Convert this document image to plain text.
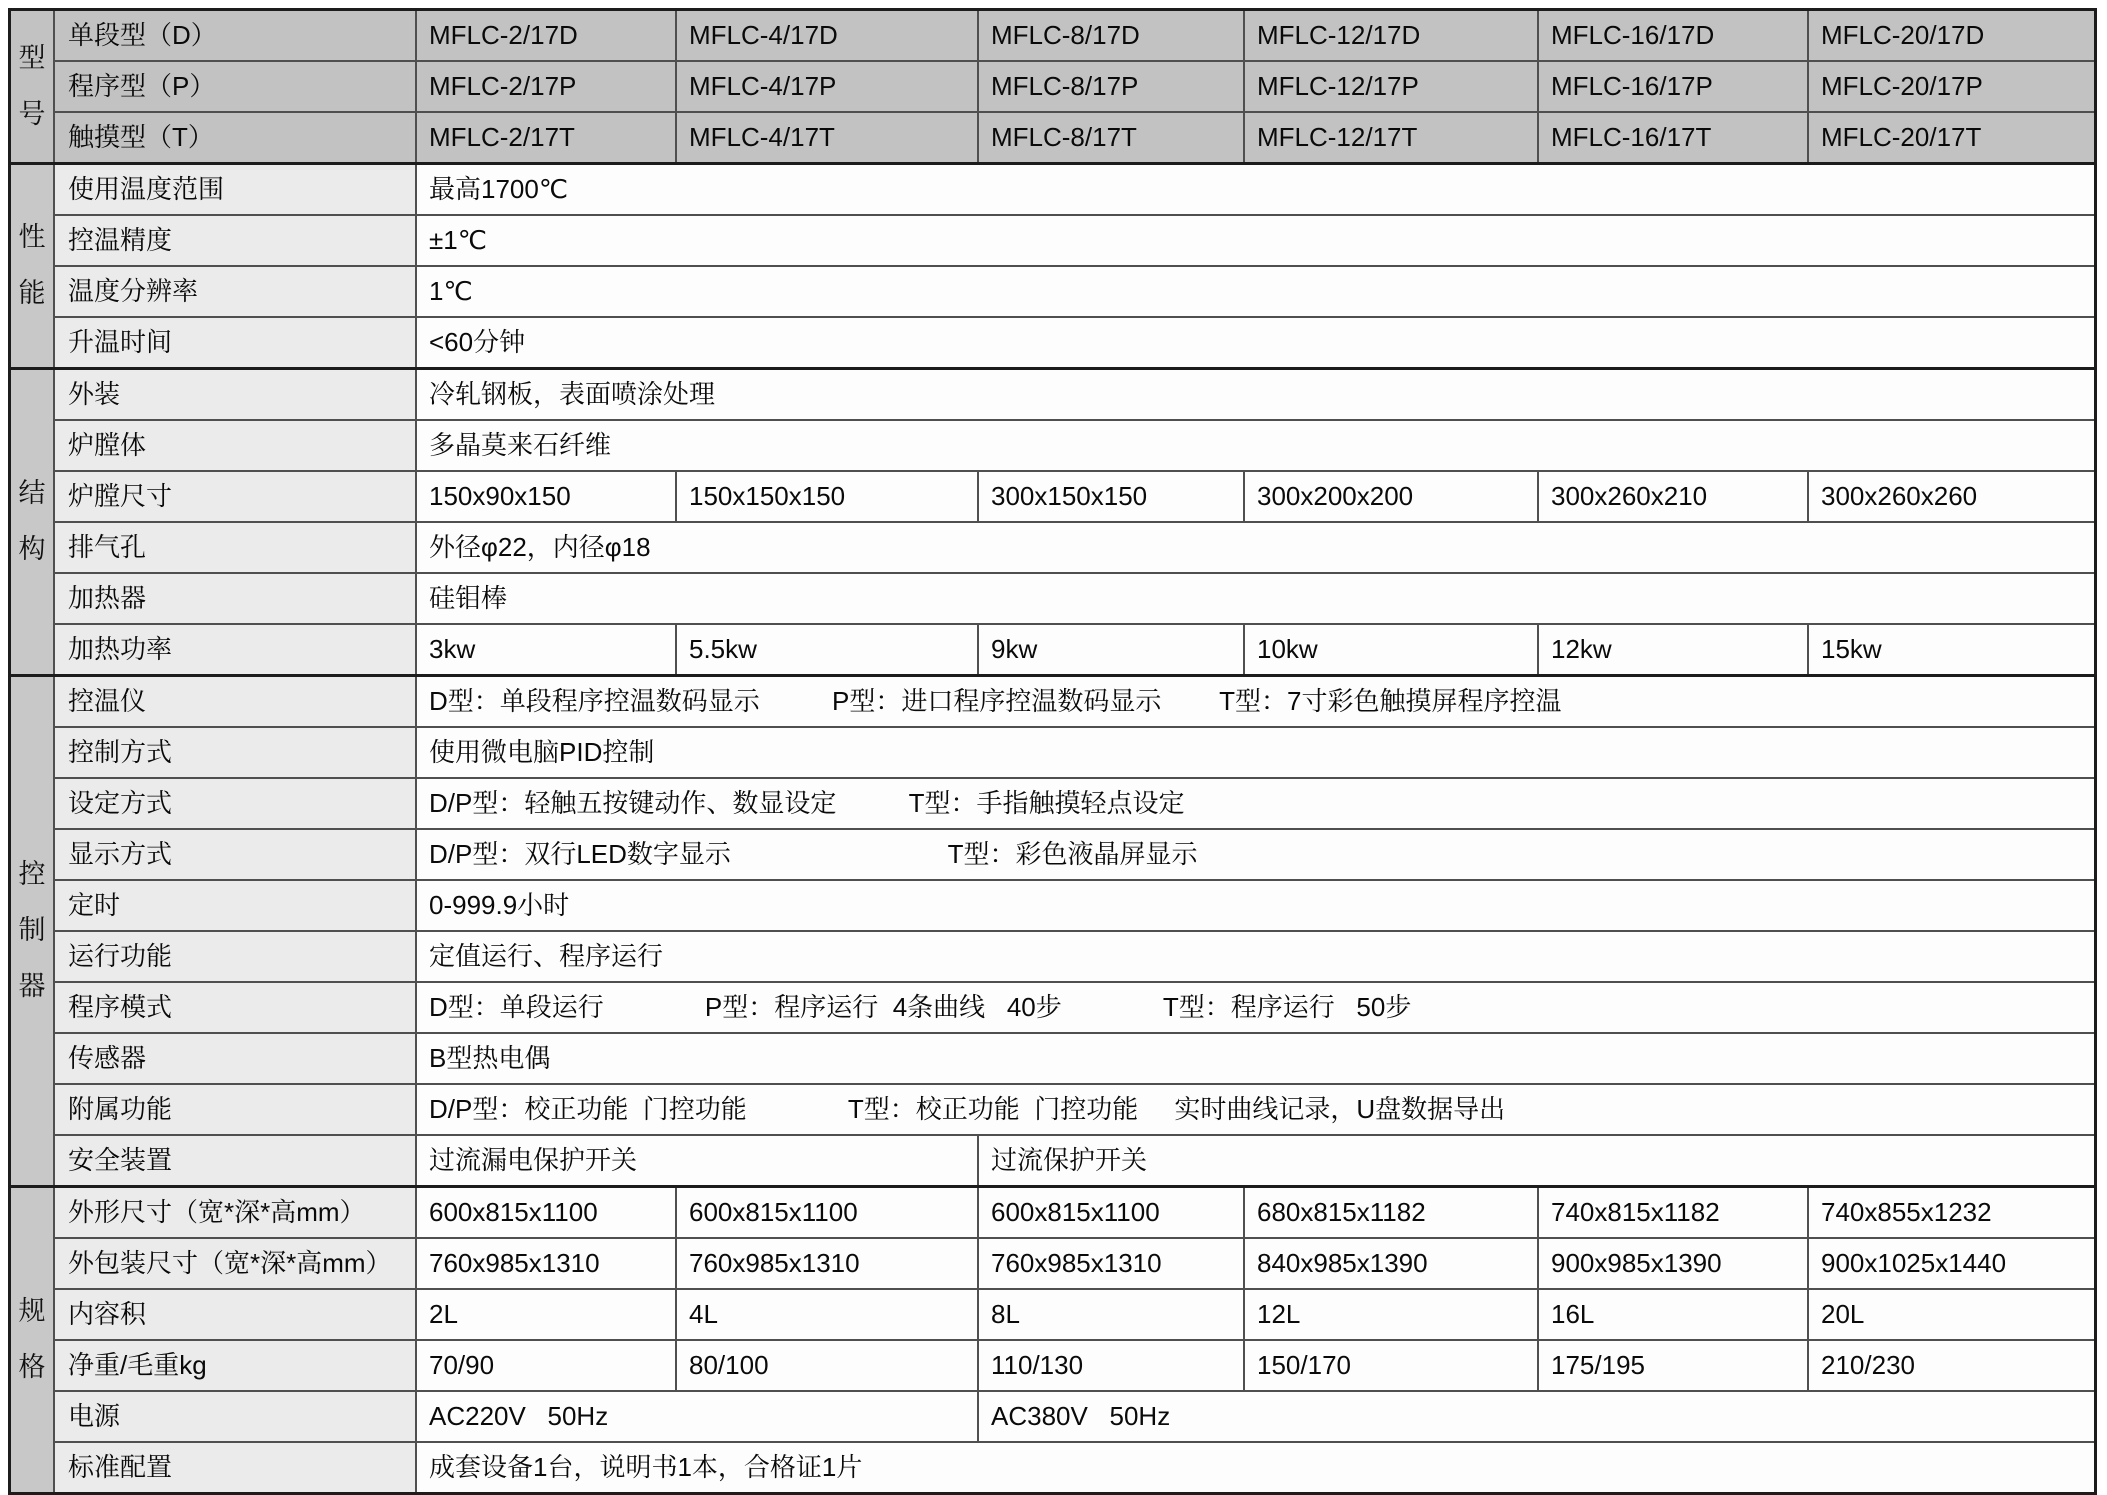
型
号
单段型（D）	MFLC-2/17D	MFLC-4/17D	MFLC-8/17D	MFLC-12/17D	MFLC-16/17D	MFLC-20/17D
程序型（P）	MFLC-2/17P	MFLC-4/17P	MFLC-8/17P	MFLC-12/17P	MFLC-16/17P	MFLC-20/17P
触摸型（T）	MFLC-2/17T	MFLC-4/17T	MFLC-8/17T	MFLC-12/17T	MFLC-16/17T	MFLC-20/17T
性
能
使用温度范围	最高1700℃
控温精度	±1℃
温度分辨率	1℃
升温时间	<60分钟
结
构
外装	冷轧钢板，表面喷涂处理
炉膛体	多晶莫来石纤维
炉膛尺寸	150x90x150	150x150x150	300x150x150	300x200x200	300x260x210	300x260x260
排气孔	外径φ22，内径φ18
加热器	硅钼棒
加热功率	3kw	5.5kw	9kw	10kw	12kw	15kw
控
制
器
控温仪	D型：单段程序控温数码显示          P型：进口程序控温数码显示        T型：7寸彩色触摸屏程序控温
控制方式	使用微电脑PID控制
设定方式	D/P型：轻触五按键动作、数显设定          T型：手指触摸轻点设定
显示方式	D/P型：双行LED数字显示                              T型：彩色液晶屏显示
定时	0-999.9小时
运行功能	定值运行、程序运行
程序模式	D型：单段运行              P型：程序运行  4条曲线   40步              T型：程序运行   50步
传感器	B型热电偶
附属功能	D/P型：校正功能  门控功能              T型：校正功能  门控功能     实时曲线记录，U盘数据导出
安全装置	过流漏电保护开关	过流保护开关
规
格
外形尺寸（宽*深*高mm）	600x815x1100	600x815x1100	600x815x1100	680x815x1182	740x815x1182	740x855x1232
外包装尺寸（宽*深*高mm）	760x985x1310	760x985x1310	760x985x1310	840x985x1390	900x985x1390	900x1025x1440
内容积	2L	4L	8L	12L	16L	20L
净重/毛重kg	70/90	80/100	110/130	150/170	175/195	210/230
电源	AC220V   50Hz	AC380V   50Hz
标准配置	成套设备1台，说明书1本，合格证1片
